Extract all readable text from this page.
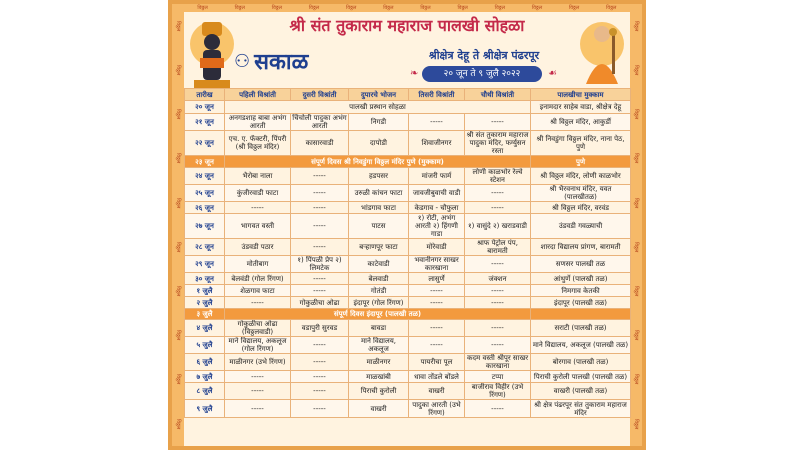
विठ्ठल
विठ्ठल
विठ्ठल
विठ्ठल
विठ्ठल
विठ्ठल
विठ्ठल
विठ्ठल
विठ्ठल
विठ्ठल
विठ्ठल
विठ्ठल
विठ्ठल
विठ्ठल
विठ्ठल
विठ्ठल
विठ्ठल
विठ्ठल
विठ्ठल
विठ्ठल
विठ्ठल	विठ्ठल	विठ्ठल	विठ्ठल	विठ्ठल	विठ्ठल	विठ्ठल	विठ्ठल	विठ्ठल	विठ्ठल	विठ्ठल	विठ्ठल
श्री संत तुकाराम महाराज पालखी सोहळा
⚇ सकाळ	श्रीक्षेत्र देहू ते श्रीक्षेत्र पंढरपूर
❧	२० जून ते ९ जुलै २०२२	☙
तारीख	पहिली विश्रांती	दुसरी विश्रांती	दुपारचे भोजन	तिसरी विश्रांती	चौथी विश्रांती	पालखीचा मुक्काम
२० जून	पालखी प्रस्थान सोहळा					इनामदार साहेब वाडा, श्रीक्षेत्र देहू
२१ जून	अनगडशाह बाबा अभंग आरती	चिंचोली पादुका अभंग आरती	निगडी	-----	-----	श्री विठ्ठल मंदिर, आकुर्डी
२२ जून	एच. ए. फॅक्टरी, पिंपरी (श्री विठ्ठल मंदिर)	कासारवाडी	दापोडी	शिवाजीनगर	श्री संत तुकाराम महाराज पादुका मंदिर, फर्ग्युसन रस्ता	श्री निवडुंगा विठ्ठल मंदिर, नाना पेठ, पुणे
२३ जून	संपूर्ण दिवस श्री निवडुंगा विठ्ठल मंदिर पुणे (मुक्काम)					पुणे
२४ जून	भैरोबा नाला	-----	हडपसर	मांजरी फार्म	लोणी काळभोर रेल्वे स्टेशन	श्री विठ्ठल मंदिर, लोणी काळभोर
२५ जून	कुंजीरवाडी फाटा	-----	उरुळी कांचन फाटा	जावजीबुवाची वाडी	-----	श्री भैरवनाथ मंदिर, यवत (पालखीतळ)
२६ जून	-----	-----	भांडगाव फाटा	केडगाव - चौफुला	-----	श्री विठ्ठल मंदिर, वरवंड
२७ जून	भागवत वस्ती	-----	पाटस	१) रोटी, अभंग आरती २) हिंगणी गाडा	१) वासुंदे २) खराडवाडी	उंडवडी गवळ्याची
२८ जून	उंडवडी पठार	-----	बऱ्हाणपूर फाटा	मोरेवाडी	श्राफ पेट्रोल पंप, बारामती	शारदा विद्यालय प्रांगण, बारामती
२९ जून	मोतीबाग	१) पिंपळी प्रेप २) लिमटेक	काटेवाडी	भवानीनगर साखर कारखाना	-----	सणसर पालखी तळ
३० जून	बेलवंडी (गोल रिंगण)	-----	बेलवाडी	लासुर्णे	जंक्शन	आंथुर्णे (पालखी तळ)
१ जुलै	शेळगाव फाटा	-----	गोतंडी	-----	-----	निमगाव केतकी
२ जुलै	-----	गोकुळीचा ओढा	इंदापूर (गोल रिंगण)	-----	-----	इंदापूर (पालखी तळ)
३ जुलै	संपूर्ण दिवस इंदापूर (पालखी तळ)					
४ जुलै	गोकुळीचा ओढा (विठ्ठलवाडी)	वडापुरी सुरवड	बावडा	-----	-----	सराटी (पालखी तळ)
५ जुलै	माने विद्यालय, अकलूज (गोल रिंगण)	-----	माने विद्यालय, अकलूज	-----	-----	माने विद्यालय, अकलूज (पालखी तळ)
६ जुलै	माळीनगर (उभे रिंगण)	-----	माळीनगर	पायरीचा पूल	कदम वस्ती श्रीपूर साखर कारखाना	बोरगाव (पालखी तळ)
७ जुलै	-----	-----	माळखांबी	धावा तोंडले बोंडले	टप्पा	पिराची कुरोली पालखी (पालखी तळ)
८ जुलै	-----	-----	पिराची कुरोली	वाखरी	बाजीराव विहीर (उभे रिंगण)	वाखरी (पालखी तळ)
९ जुलै	-----	-----	वाखरी	पादुका आरती (उभे रिंगण)	-----	श्री क्षेत्र पंढरपूर संत तुकाराम महाराज मंदिर
